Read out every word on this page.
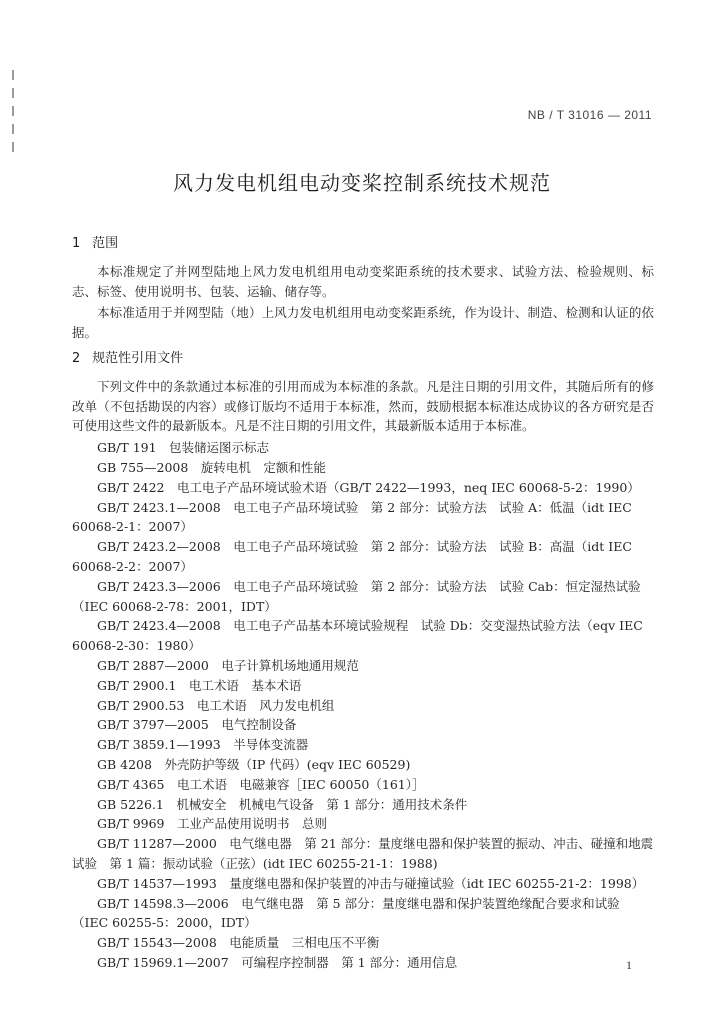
NB / T 31016 — 2011
风力发电机组电动变桨控制系统技术规范
1 范围

本标准规定了并网型陆地上风力发电机组用电动变桨距系统的技术要求、试验方法、检验规则、标志、标签、使用说明书、包装、运输、储存等。

本标准适用于并网型陆（地）上风力发电机组用电动变桨距系统，作为设计、制造、检测和认证的依据。

2 规范性引用文件

下列文件中的条款通过本标准的引用而成为本标准的条款。凡是注日期的引用文件，其随后所有的修改单（不包括勘误的内容）或修订版均不适用于本标准，然而，鼓励根据本标准达成协议的各方研究是否可使用这些文件的最新版本。凡是不注日期的引用文件，其最新版本适用于本标准。

GB/T 191　包装储运图示标志
GB 755—2008　旋转电机　定额和性能
GB/T 2422　电工电子产品环境试验术语（GB/T 2422—1993，neq IEC 60068-5-2：1990）
GB/T 2423.1—2008　电工电子产品环境试验　第 2 部分：试验方法　试验 A：低温（idt IEC 60068-2-1：2007）
GB/T 2423.2—2008　电工电子产品环境试验　第 2 部分：试验方法　试验 B：高温（idt IEC 60068-2-2：2007）
GB/T 2423.3—2006　电工电子产品环境试验　第 2 部分：试验方法　试验 Cab：恒定湿热试验（IEC 60068-2-78：2001，IDT）
GB/T 2423.4—2008　电工电子产品基本环境试验规程　试验 Db：交变湿热试验方法（eqv IEC 60068-2-30：1980）
GB/T 2887—2000　电子计算机场地通用规范
GB/T 2900.1　电工术语　基本术语
GB/T 2900.53　电工术语　风力发电机组
GB/T 3797—2005　电气控制设备
GB/T 3859.1—1993　半导体变流器
GB 4208　外壳防护等级（IP 代码）(eqv IEC 60529)
GB/T 4365　电工术语　电磁兼容［IEC 60050（161）］
GB 5226.1　机械安全　机械电气设备　第 1 部分：通用技术条件
GB/T 9969　工业产品使用说明书　总则
GB/T 11287—2000　电气继电器　第 21 部分：量度继电器和保护装置的振动、冲击、碰撞和地震试验　第 1 篇：振动试验（正弦）(idt IEC 60255-21-1：1988)
GB/T 14537—1993　量度继电器和保护装置的冲击与碰撞试验（idt IEC 60255-21-2：1998）
GB/T 14598.3—2006　电气继电器　第 5 部分：量度继电器和保护装置绝缘配合要求和试验（IEC 60255-5：2000，IDT）
GB/T 15543—2008　电能质量　三相电压不平衡
GB/T 15969.1—2007　可编程序控制器　第 1 部分：通用信息	1
